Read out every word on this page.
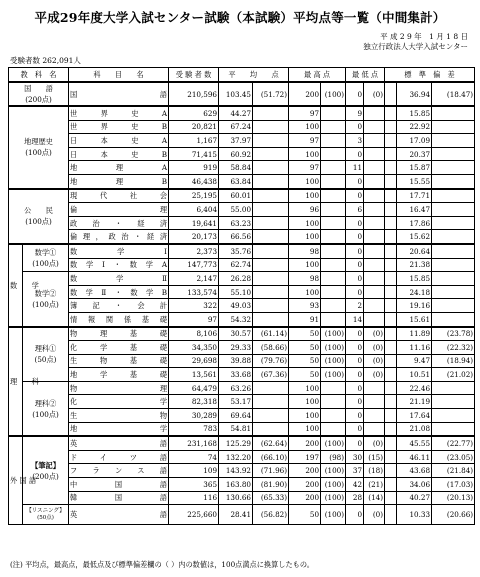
平成29年度大学入試センター試験（本試験）平均点等一覧（中間集計）
平 成 2 9 年　1 月 1 8 日
独立行政法人大学入試センター
受験者数 262,091人
教　科　名		科　　目　　名	受 験 者 数	平　　均　　点		最 高 点		最 低 点		標　準　偏　差		

国　　語
(200点)		国語	210,596	103.45	(51.72)	200	(100)	0	(0)		36.94	(18.47)

地理歴史
(100点)		世界史A	629	44.27		97		9			15.85	
		世界史B	20,821	67.24		100		0			22.92	
		日本史A	1,167	37.97		97		3			17.09	
		日本史B	71,415	60.92		100		0			20.37	
		地理A	919	58.84		97		11			15.87	
		地理B	46,438	63.84		100		0			15.55	

公　　民
(100点)		現代社会	25,195	60.01		100		0			17.71	
		倫理	6,404	55.00		96		6			16.47	
		政治・経済	19,641	63.23		100		0			17.86	
		倫理，政治・経済	20,173	66.56		100		0			15.62	
数　　学	数学①
(100点)	数学Ⅰ	2,373	35.76		98		0			20.64	
		数学Ⅰ・数学A	147,773	62.74		100		0			21.38	

	数学②
(100点)	数学Ⅱ	2,147	26.28		98		0			15.85	
		数学Ⅱ・数学B	133,574	55.10		100		0			24.18	
		簿記・会計	322	49.03		93		2			19.16	
		情報関係基礎	97	54.32		91		14			15.61	
理　　科	理科①
(50点)	物理基礎	8,106	30.57	(61.14)	50	(100)	0	(0)		11.89	(23.78)
		化学基礎	34,350	29.33	(58.66)	50	(100)	0	(0)		11.16	(22.32)
		生物基礎	29,698	39.88	(79.76)	50	(100)	0	(0)		9.47	(18.94)
		地学基礎	13,561	33.68	(67.36)	50	(100)	0	(0)		10.51	(21.02)

	理科②
(100点)	物理	64,479	63.26		100		0			22.46	
		化学	82,318	53.17		100		0			21.19	
		生物	30,289	69.64		100		0			17.64	
		地学	783	54.81		100		0			21.08	
外 国 語	【筆記】
(200点)	英語	231,168	125.29	(62.64)	200	(100)	0	(0)		45.55	(22.77)
		ドイツ語	74	132.20	(66.10)	197	(98)	30	(15)		46.11	(23.05)
		フランス語	109	143.92	(71.96)	200	(100)	37	(18)		43.68	(21.84)
		中国語	365	163.80	(81.90)	200	(100)	42	(21)		34.06	(17.03)
		韓国語	116	130.66	(65.33)	200	(100)	28	(14)		40.27	(20.13)

	【リスニング】
(50点)	英語	225,660	28.41	(56.82)	50	(100)	0	(0)		10.33	(20.66)
(注) 平均点，最高点，最低点及び標準偏差欄の（ ）内の数値は，100点満点に換算したもの。
